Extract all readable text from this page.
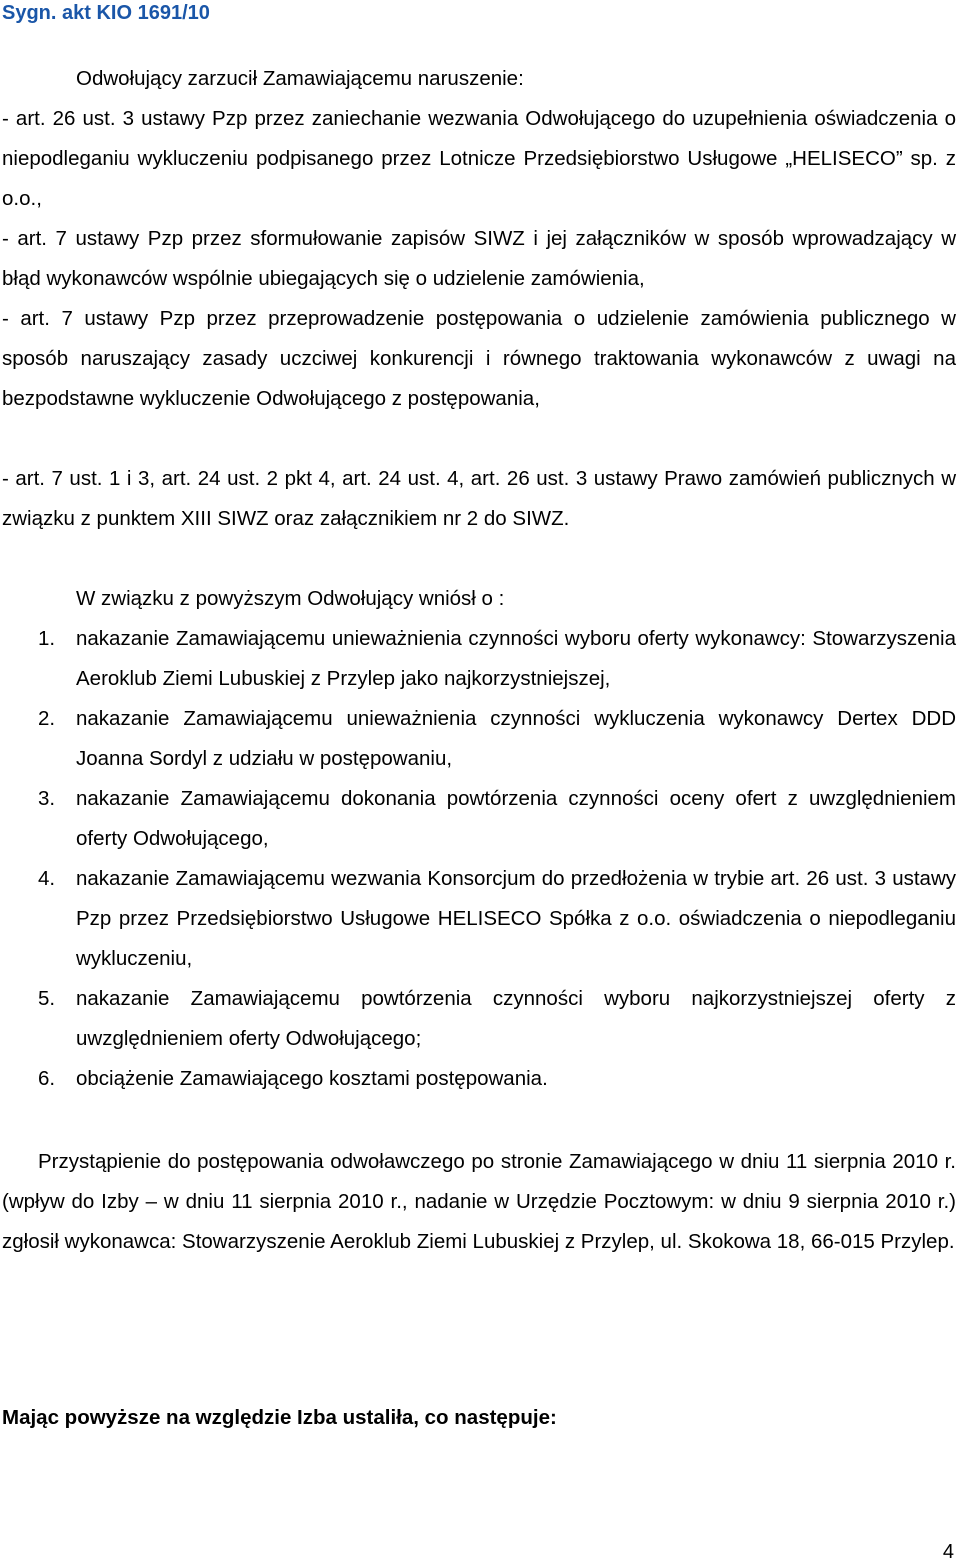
Sygn. akt KIO 1691/10
Odwołujący zarzucił Zamawiającemu naruszenie:
- art. 26 ust. 3 ustawy Pzp przez zaniechanie wezwania Odwołującego do uzupełnienia oświadczenia o niepodleganiu wykluczeniu podpisanego przez Lotnicze Przedsiębiorstwo Usługowe „HELISECO” sp. z o.o.,
- art. 7 ustawy Pzp przez sformułowanie zapisów SIWZ i jej załączników w sposób wprowadzający w błąd wykonawców wspólnie ubiegających się o udzielenie zamówienia,
- art. 7 ustawy Pzp przez przeprowadzenie postępowania o udzielenie zamówienia publicznego w sposób naruszający zasady uczciwej konkurencji i równego traktowania wykonawców z uwagi na bezpodstawne wykluczenie Odwołującego z postępowania,
- art. 7 ust. 1 i 3, art. 24 ust. 2 pkt 4, art. 24 ust. 4, art. 26 ust. 3 ustawy Prawo zamówień publicznych w związku z punktem XIII SIWZ oraz załącznikiem nr 2 do SIWZ.
W związku z powyższym Odwołujący wniósł o :
1. nakazanie Zamawiającemu unieważnienia czynności wyboru oferty wykonawcy: Stowarzyszenia Aeroklub Ziemi Lubuskiej z Przylep jako najkorzystniejszej,
2. nakazanie Zamawiającemu unieważnienia czynności wykluczenia wykonawcy Dertex DDD Joanna Sordyl z udziału w postępowaniu,
3. nakazanie Zamawiającemu dokonania powtórzenia czynności oceny ofert z uwzględnieniem oferty Odwołującego,
4. nakazanie Zamawiającemu wezwania Konsorcjum do przedłożenia w trybie art. 26 ust. 3 ustawy Pzp przez Przedsiębiorstwo Usługowe HELISECO Spółka z o.o. oświadczenia o niepodleganiu wykluczeniu,
5. nakazanie Zamawiającemu powtórzenia czynności wyboru najkorzystniejszej oferty z uwzględnieniem oferty Odwołującego;
6. obciążenie Zamawiającego kosztami postępowania.
Przystąpienie do postępowania odwoławczego po stronie Zamawiającego w dniu 11 sierpnia 2010 r. (wpływ do Izby – w dniu 11 sierpnia 2010 r., nadanie w Urzędzie Pocztowym: w dniu 9 sierpnia 2010 r.) zgłosił wykonawca: Stowarzyszenie Aeroklub Ziemi Lubuskiej z Przylep, ul. Skokowa 18, 66-015 Przylep.
Mając powyższe na względzie Izba ustaliła, co następuje:
4
